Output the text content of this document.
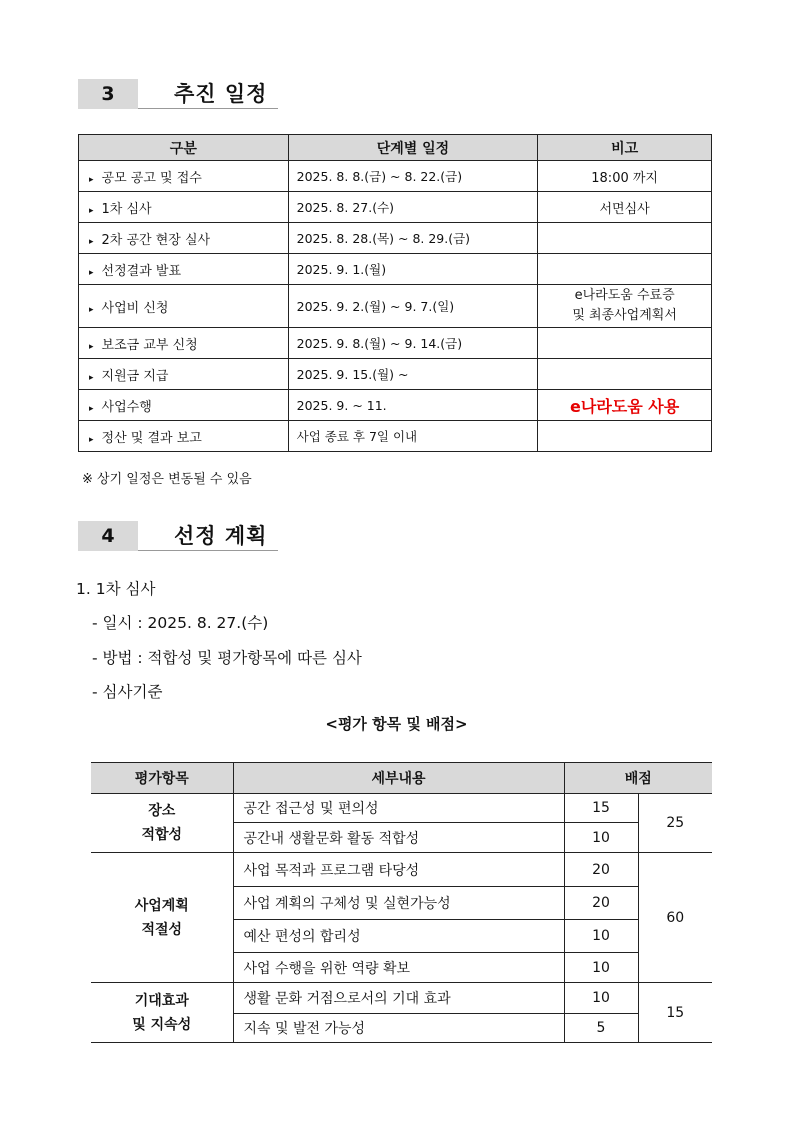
3	추진 일정
구분	단계별 일정	비고
▸ 공모 공고 및 접수	2025. 8. 8.(금) ~ 8. 22.(금)	18:00 까지
▸ 1차 심사	2025. 8. 27.(수)	서면심사
▸ 2차 공간 현장 실사	2025. 8. 28.(목) ~ 8. 29.(금)	
▸ 선정결과 발표	2025. 9. 1.(월)	
▸ 사업비 신청	2025. 9. 2.(월) ~ 9. 7.(일)	e나라도움 수료증
및 최종사업계획서

▸ 보조금 교부 신청	2025. 9. 8.(월) ~ 9. 14.(금)	
▸ 지원금 지급	2025. 9. 15.(월) ~	
▸ 사업수행	2025. 9. ~ 11.	e나라도움 사용
▸ 정산 및 결과 보고	사업 종료 후 7일 이내	
※ 상기 일정은 변동될 수 있음
4	선정 계획
1. 1차 심사
- 일시 : 2025. 8. 27.(수)
- 방법 : 적합성 및 평가항목에 따른 심사
- 심사기준
<평가 항목 및 배점>
평가항목	세부내용	배점	

장소
적합성	공간 접근성 및 편의성	15	25
	공간내 생활문화 활동 적합성	10	

사업계획
적절성	사업 목적과 프로그램 타당성	20	60
	사업 계획의 구체성 및 실현가능성	20	
	예산 편성의 합리성	10	
	사업 수행을 위한 역량 확보	10	

기대효과
및 지속성	생활 문화 거점으로서의 기대 효과	10	15
	지속 및 발전 가능성	5	
